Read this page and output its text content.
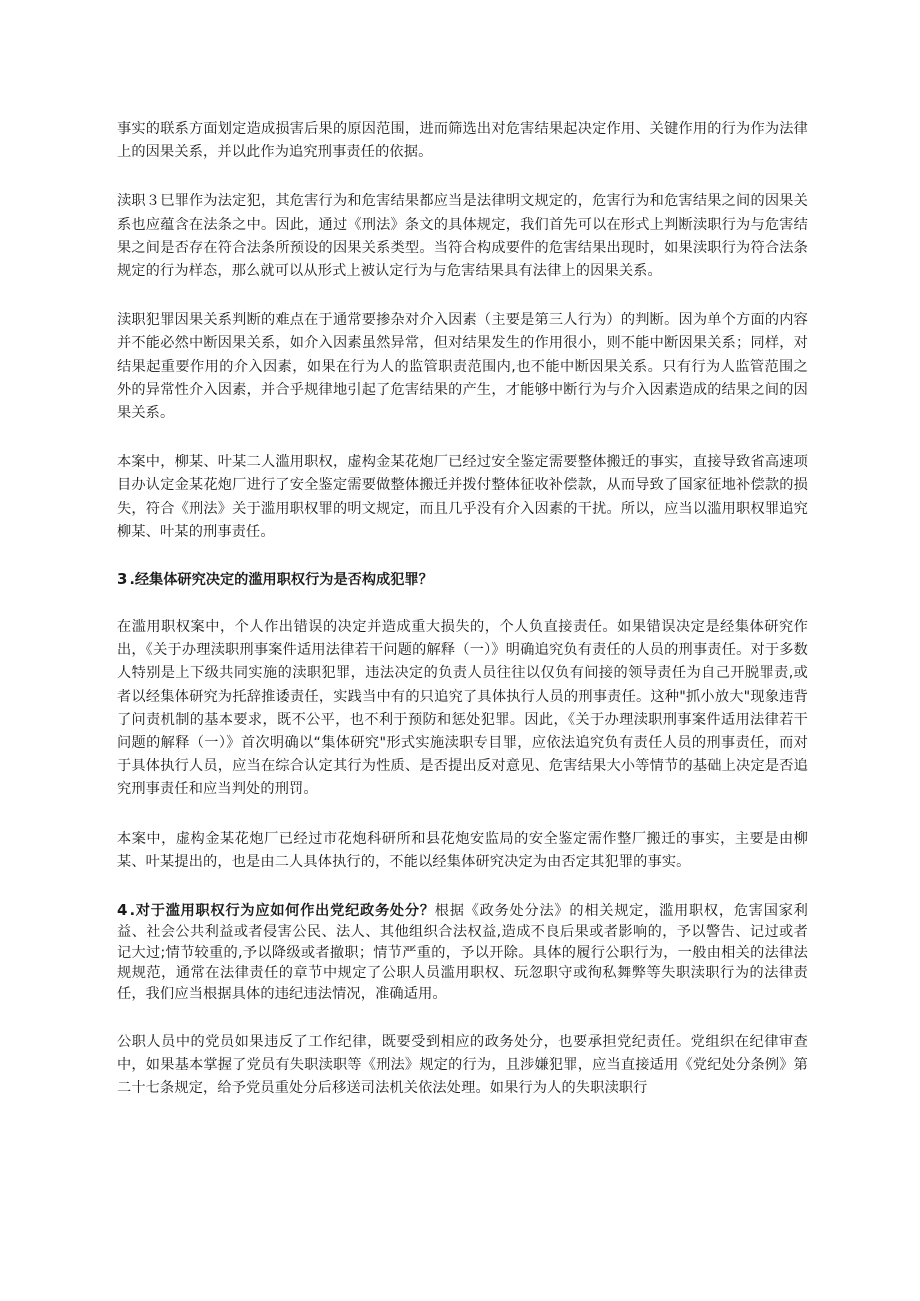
事实的联系方面划定造成损害后果的原因范围，进而筛选出对危害结果起决定作用、关键作用的行为作为法律上的因果关系，并以此作为追究刑事责任的依据。

渎职３巳罪作为法定犯，其危害行为和危害结果都应当是法律明文规定的，危害行为和危害结果之间的因果关系也应蕴含在法条之中。因此，通过《刑法》条文的具体规定，我们首先可以在形式上判断渎职行为与危害结果之间是否存在符合法条所预设的因果关系类型。当符合构成要件的危害结果出现时，如果渎职行为符合法条规定的行为样态，那么就可以从形式上被认定行为与危害结果具有法律上的因果关系。

渎职犯罪因果关系判断的难点在于通常要掺杂对介入因素（主要是第三人行为）的判断。因为单个方面的内容并不能必然中断因果关系，如介入因素虽然异常，但对结果发生的作用很小，则不能中断因果关系；同样，对结果起重要作用的介入因素，如果在行为人的监管职责范围内,也不能中断因果关系。只有行为人监管范围之外的异常性介入因素，并合乎规律地引起了危害结果的产生，才能够中断行为与介入因素造成的结果之间的因果关系。

本案中，柳某、叶某二人滥用职权，虚构金某花炮厂已经过安全鉴定需要整体搬迁的事实，直接导致省高速项目办认定金某花炮厂进行了安全鉴定需要做整体搬迁并拨付整体征收补偿款，从而导致了国家征地补偿款的损失，符合《刑法》关于滥用职权罪的明文规定，而且几乎没有介入因素的干扰。所以，应当以滥用职权罪追究柳某、叶某的刑事责任。

3 .经集体研究决定的滥用职权行为是否构成犯罪？

在滥用职权案中，个人作出错误的决定并造成重大损失的，个人负直接责任。如果错误决定是经集体研究作出，《关于办理渎职刑事案件适用法律若干问题的解释（一）》明确追究负有责任的人员的刑事责任。对于多数人特别是上下级共同实施的渎职犯罪，违法决定的负责人员往往以仅负有间接的领导责任为自己开脱罪责,或者以经集体研究为托辞推诿责任，实践当中有的只追究了具体执行人员的刑事责任。这种"抓小放大"现象违背了问责机制的基本要求，既不公平，也不利于预防和惩处犯罪。因此，《关于办理渎职刑事案件适用法律若干问题的解释（一）》首次明确以“集体研究"形式实施渎职专目罪，应依法追究负有责任人员的刑事责任，而对于具体执行人员，应当在综合认定其行为性质、是否提出反对意见、危害结果大小等情节的基础上决定是否追究刑事责任和应当判处的刑罚。

本案中，虚构金某花炮厂已经过市花炮科研所和县花炮安监局的安全鉴定需作整厂搬迁的事实，主要是由柳某、叶某提出的，也是由二人具体执行的，不能以经集体研究决定为由否定其犯罪的事实。

4 .对于滥用职权行为应如何作出党纪政务处分？根据《政务处分法》的相关规定，滥用职权，危害国家利益、社会公共利益或者侵害公民、法人、其他组织合法权益,造成不良后果或者影响的，予以警告、记过或者记大过;情节较重的,予以降级或者撤职；情节严重的，予以开除。具体的履行公职行为，一般由相关的法律法规规范，通常在法律责任的章节中规定了公职人员滥用职权、玩忽职守或徇私舞弊等失职渎职行为的法律责任，我们应当根据具体的违纪违法情况，准确适用。

公职人员中的党员如果违反了工作纪律，既要受到相应的政务处分，也要承担党纪责任。党组织在纪律审查中，如果基本掌握了党员有失职渎职等《刑法》规定的行为，且涉嫌犯罪，应当直接适用《党纪处分条例》第二十七条规定，给予党员重处分后移送司法机关依法处理。如果行为人的失职渎职行
